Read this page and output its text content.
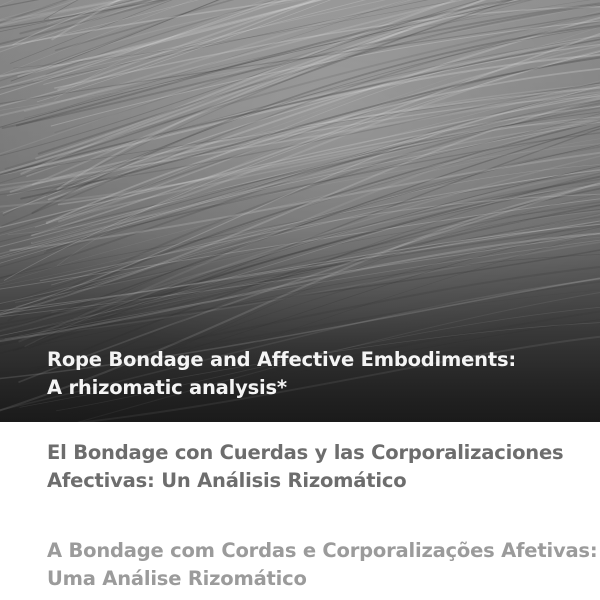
Rope Bondage and Affective Embodiments:
A rhizomatic analysis*
El Bondage con Cuerdas y las Corporalizaciones
Afectivas: Un Análisis Rizomático
A Bondage com Cordas e Corporalizações Afetivas:
Uma Análise Rizomático
